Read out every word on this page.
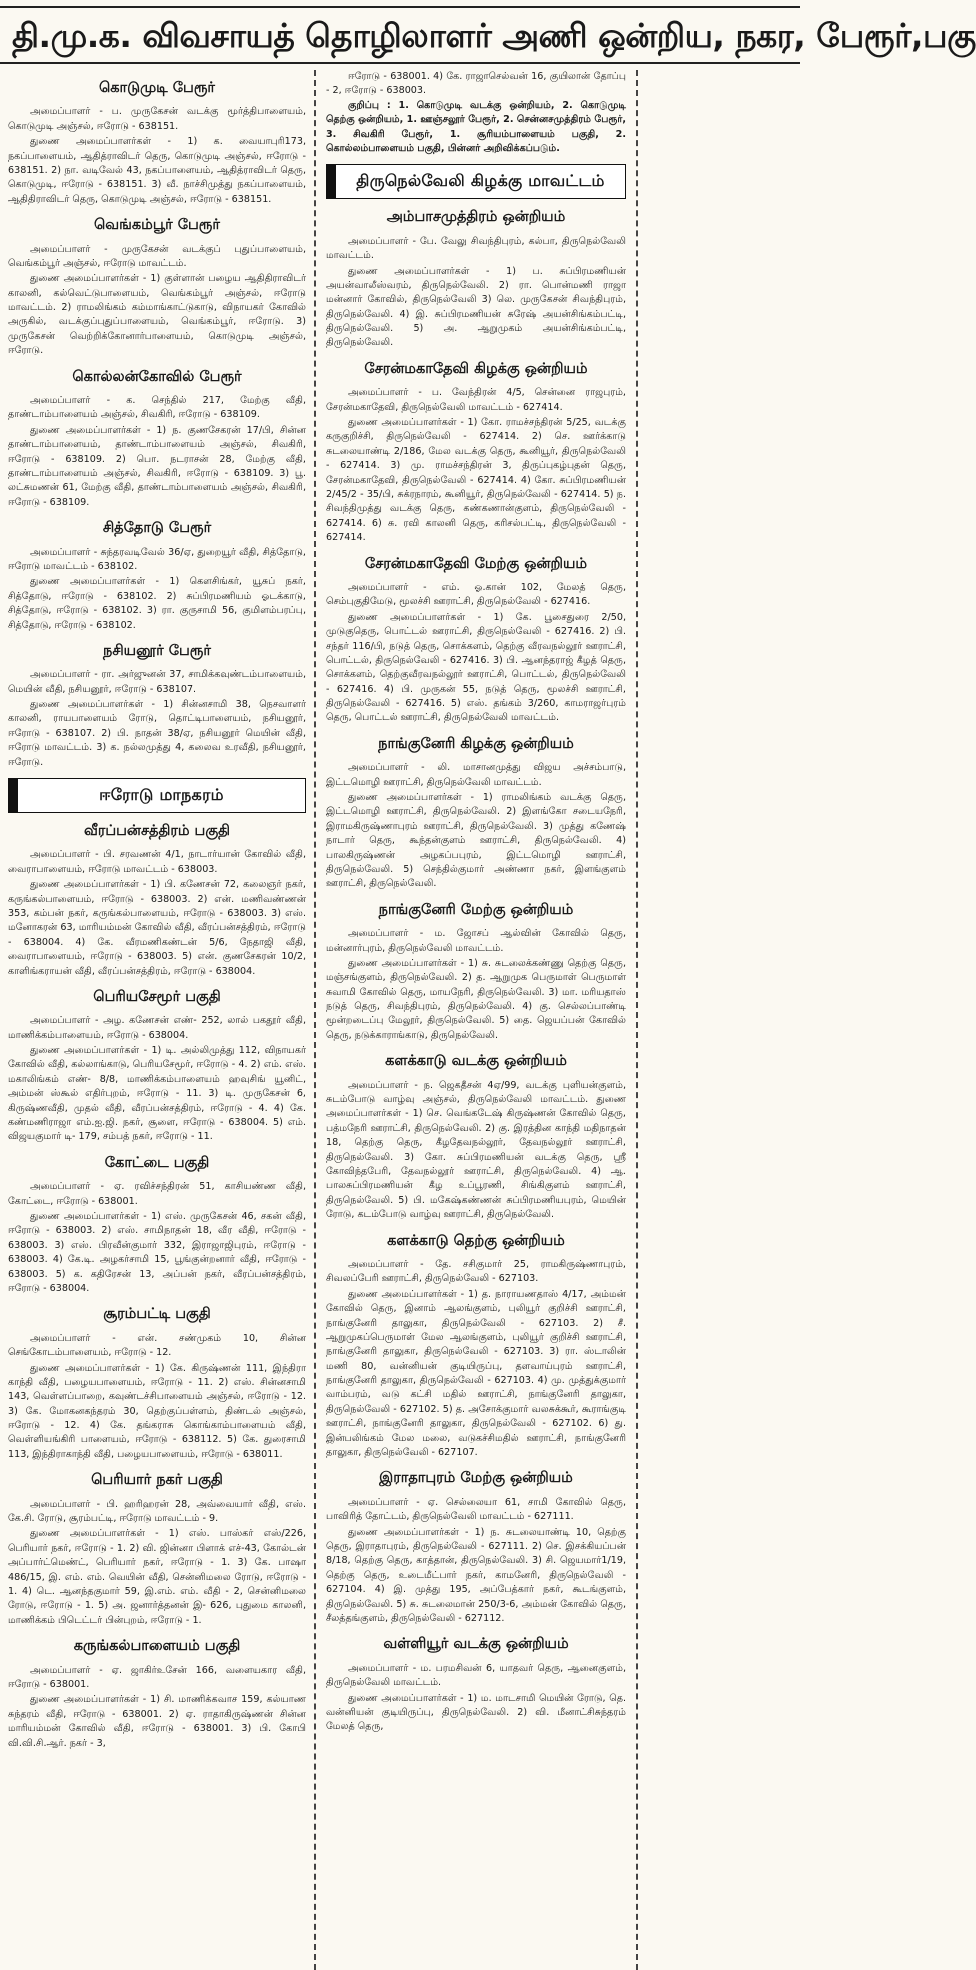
தி.மு.க. விவசாயத் தொழிலாளர் அணி ஒன்றிய, நகர, பேரூர்,பகு
கொடுமுடி பேரூர்
அமைப்பாளர் - ப. முருகேசன் வடக்கு மூர்த்திபாளையம், கொடுமுடி அஞ்சல், ஈரோடு - 638151.
துணை அமைப்பாளர்கள் - 1) க. வையாபுரி173, நகப்பாளையம், ஆதித்ராவிடர் தெரு, கொடுமுடி அஞ்சல், ஈரோடு - 638151. 2) நா. வடிவேல் 43, நகப்பாளையம், ஆதித்ராவிடர் தெரு, கொடுமுடி, ஈரோடு - 638151. 3) வீ. நாச்சிமுத்து நகப்பாளையம், ஆதிதிராவிடர் தெரு, கொடுமுடி அஞ்சல், ஈரோடு - 638151.
வெங்கம்பூர் பேரூர்
அமைப்பாளர் - முருகேசன் வடக்குப் புதுப்பாளையம், வெங்கம்பூர் அஞ்சல், ஈரோடு மாவட்டம்.
துணை அமைப்பாளர்கள் - 1) குள்ளான் பழைய ஆதிதிராவிடர் காலனி, கல்வெட்டுபாளையம், வெங்கம்பூர் அஞ்சல், ஈரோடு மாவட்டம். 2) ராமலிங்கம் கம்மாங்காட்டுகாடு, விநாயகர் கோவில் அருகில், வடக்குப்புதுப்பாளையம், வெங்கம்பூர், ஈரோடு. 3) முருகேசன் வெற்றிக்கோனார்பாளையம், கொடுமுடி அஞ்சல், ஈரோடு.
கொல்லன்கோவில் பேரூர்
அமைப்பாளர் - க. செந்தில் 217, மேற்கு வீதி, தாண்டாம்பாளையம் அஞ்சல், சிவகிரி, ஈரோடு - 638109.
துணை அமைப்பாளர்கள் - 1) ந. குணசேகரன் 17/பி, சின்ன தாண்டாம்பாளையம், தாண்டாம்பாளையம் அஞ்சல், சிவகிரி, ஈரோடு - 638109. 2) பொ. நடராசன் 28, மேற்கு வீதி, தாண்டாம்பாளையம் அஞ்சல், சிவகிரி, ஈரோடு - 638109. 3) பூ. லட்சுமணன் 61, மேற்கு வீதி, தாண்டாம்பாளையம் அஞ்சல், சிவகிரி, ஈரோடு - 638109.
சித்தோடு பேரூர்
அமைப்பாளர் - சுந்தரவடிவேல் 36/ஏ, துறையூர் வீதி, சித்தோடு, ஈரோடு மாவட்டம் - 638102.
துணை அமைப்பாளர்கள் - 1) கௌசிங்கர், யூசுப் நகர், சித்தோடு, ஈரோடு - 638102. 2) சுப்பிரமணியம் ஓடக்காடு, சித்தோடு, ஈரோடு - 638102. 3) ரா. குருசாமி 56, குமிளம்பரப்பு, சித்தோடு, ஈரோடு - 638102.
நசியனூர் பேரூர்
அமைப்பாளர் - ரா. அர்ஜுனன் 37, சாமிக்கவுண்டம்பாளையம், மெயின் வீதி, நசியனூர், ஈரோடு - 638107.
துணை அமைப்பாளர்கள் - 1) சின்னசாமி 38, நெசவாளர் காலனி, ராயபாளையம் ரோடு, தொட்டிபாளையம், நசியனூர், ஈரோடு - 638107. 2) பி. நாதன் 38/ஏ, நசியனூர் மெயின் வீதி, ஈரோடு மாவட்டம். 3) க. நல்லமுத்து 4, கலைவ உரவீதி, நசியனூர், ஈரோடு.
ஈரோடு மாநகரம்
வீரப்பன்சத்திரம் பகுதி
அமைப்பாளர் - பி. சரவணன் 4/1, நாடார்யான் கோவில் வீதி, வைராபாளையம், ஈரோடு மாவட்டம் - 638003.
துணை அமைப்பாளர்கள் - 1) பி. கணேசன் 72, கலைஞர் நகர், கருங்கல்பாளையம், ஈரோடு - 638003. 2) என். மணிவண்ணன் 353, கம்பன் நகர், கருங்கல்பாளையம், ஈரோடு - 638003. 3) எஸ். மனோகரன் 63, மாரியம்மன் கோவில் வீதி, வீரப்பன்சத்திரம், ஈரோடு - 638004. 4) கே. வீரமணிகண்டன் 5/6, நேதாஜி வீதி, வைராபாளையம், ஈரோடு - 638003. 5) என். குணசேகரன் 10/2, காளிங்கராயன் வீதி, வீரப்பன்சத்திரம், ஈரோடு - 638004.
பெரியசேமூர் பகுதி
அமைப்பாளர் - அழ. கணேசன் எண்- 252, லால் பகதூர் வீதி, மாணிக்கம்பாளையம், ஈரோடு - 638004.
துணை அமைப்பாளர்கள் - 1) டி. அல்லிமுத்து 112, விநாயகர் கோவில் வீதி, கல்லாங்காடு, பெரியசேமூர், ஈரோடு - 4. 2) எம். எஸ். மகாலிங்கம் எண்- 8/8, மாணிக்கம்பாளையம் ஹவுசிங் யூனிட், அம்மன் ஸ்கூல் எதிர்புறம், ஈரோடு - 11. 3) டி. முருகேசன் 6, கிருஷ்ணவீதி, முதல் வீதி, வீரப்பன்சத்திரம், ஈரோடு - 4. 4) கே. கண்மணிராஜா எம்.ஐ.ஜி. நகர், சூளை, ஈரோடு - 638004. 5) எம். விஜயகுமார் டி- 179, சம்பத் நகர், ஈரோடு - 11.
கோட்டை பகுதி
அமைப்பாளர் - ஏ. ரவிச்சந்திரன் 51, காசியண்ண வீதி, கோட்டை, ஈரோடு - 638001.
துணை அமைப்பாளர்கள் - 1) எஸ். முருகேசன் 46, சகன் வீதி, ஈரோடு - 638003. 2) எஸ். சாமிநாதன் 18, வீர வீதி, ஈரோடு - 638003. 3) எஸ். பிரவீன்குமார் 332, இராஜாஜிபுரம், ஈரோடு - 638003. 4) கே.டி. அழகர்சாமி 15, பூங்குன்றனார் வீதி, ஈரோடு - 638003. 5) க. கதிரேசன் 13, அப்பன் நகர், வீரப்பன்சத்திரம், ஈரோடு - 638004.
சூரம்பட்டி பகுதி
அமைப்பாளர் - என். சண்முகம் 10, சின்ன செங்கோடம்பாளையம், ஈரோடு - 12.
துணை அமைப்பாளர்கள் - 1) கே. கிருஷ்ணன் 111, இந்திரா காந்தி வீதி, பழையபாளையம், ஈரோடு - 11. 2) எஸ். சின்னசாமி 143, வெள்ளப்பாறை, கவுண்டச்சிபாளையம் அஞ்சல், ஈரோடு - 12. 3) கே. மோகனகந்தரம் 30, தெற்குப்பள்ளம், திண்டல் அஞ்சல், ஈரோடு - 12. 4) கே. தங்கராசு கொங்காம்பாளையம் வீதி, வெள்ளியங்கிரி பாளையம், ஈரோடு - 638112. 5) கே. துரைசாமி 113, இந்திராகாந்தி வீதி, பழையபாளையம், ஈரோடு - 638011.
பெரியார் நகர் பகுதி
அமைப்பாளர் - பி. ஹரிஹரன் 28, அவ்வையார் வீதி, எஸ். கே.சி. ரோடு, சூரம்பட்டி, ஈரோடு மாவட்டம் - 9.
துணை அமைப்பாளர்கள் - 1) எஸ். பாஸ்கர் எஸ்/226, பெரியார் நகர், ஈரோடு - 1. 2) வி. ஜின்னா பிளாக் எச்-43, கோல்டன் அப்பார்ட்மெண்ட், பெரியார் நகர், ஈரோடு - 1. 3) கே. பாஷா 486/15, இ. எம். எம். வெயின் வீதி, சென்னிமலை ரோடு, ஈரோடு - 1. 4) டெ. ஆனந்தகுமார் 59, இ.எம். எம். வீதி - 2, சென்னிமலை ரோடு, ஈரோடு - 1. 5) அ. ஜனார்த்தனன் இ- 626, புதுமை காலனி, மாணிக்கம் பிடெட்டர் பின்புறம், ஈரோடு - 1.
கருங்கல்பாளையம் பகுதி
அமைப்பாளர் - ஏ. ஜாகிர்உசேன் 166, வளையகார வீதி, ஈரோடு - 638001.
துணை அமைப்பாளர்கள் - 1) சி. மாணிக்கவாச 159, கல்யாண சுந்தரம் வீதி, ஈரோடு - 638001. 2) ஏ. ராதாகிருஷ்ணன் சின்ன மாரியம்மன் கோவில் வீதி, ஈரோடு - 638001. 3) பி. கோபி வி.வி.சி.ஆர். நகர் - 3,
ஈரோடு - 638001. 4) கே. ராஜாசெல்வன் 16, குயிலான் தோப்பு - 2, ஈரோடு - 638003.
குறிப்பு : 1. கொடுமுடி வடக்கு ஒன்றியம், 2. கொடுமுடி தெற்கு ஒன்றியம், 1. ஊஞ்சலூர் பேரூர், 2. சென்னசமுத்திரம் பேரூர், 3. சிவகிரி பேரூர், 1. சூரியம்பாளையம் பகுதி, 2. கொல்லம்பாளையம் பகுதி, பின்னர் அறிவிக்கப்படும்.
திருநெல்வேலி கிழக்கு மாவட்டம்
அம்பாசமுத்திரம் ஒன்றியம்
அமைப்பாளர் - பே. வேலு சிவந்திபுரம், கல்பா, திருநெல்வேலி மாவட்டம்.
துணை அமைப்பாளர்கள் - 1) ப. சுப்பிரமணியன் அயன்வாலீஸ்வரம், திருநெல்வேலி. 2) ரா. பொன்மணி ராஜா மன்னார் கோவில், திருநெல்வேலி 3) லெ. முருகேசன் சிவந்திபுரம், திருநெல்வேலி. 4) இ. சுப்பிரமணியன் சுரேஷ் அயன்சிங்கம்பட்டி, திருநெல்வேலி. 5) அ. ஆறுமுகம் அயன்சிங்கம்பட்டி, திருநெல்வேலி.
சேரன்மகாதேவி கிழக்கு ஒன்றியம்
அமைப்பாளர் - ப. வேந்திரன் 4/5, சென்னை ராஜபுரம், சேரன்மகாதேவி, திருநெல்வேலி மாவட்டம் - 627414.
துணை அமைப்பாளர்கள் - 1) கோ. ராமச்சந்திரன் 5/25, வடக்கு கருகுறிச்சி, திருநெல்வேலி - 627414. 2) செ. ஊர்க்காடு சுடலையாண்டி 2/186, மேல வடக்கு தெரு, கூனியூர், திருநெல்வேலி - 627414. 3) மு. ராமச்சந்திரன் 3, திருப்புகழ்புதன் தெரு, சேரன்மகாதேவி, திருநெல்வேலி - 627414. 4) கோ. சுப்பிரமணியன் 2/45/2 - 35/பி, சுக்ரநாரம், கூனியூர், திருநெல்வேலி - 627414. 5) ந. சிவந்திமுத்து வடக்கு தெரு, கண்கணான்குளம், திருநெல்வேலி - 627414. 6) சு. ரவி காலனி தெரு, கரிசல்பட்டி, திருநெல்வேலி - 627414.
சேரன்மகாதேவி மேற்கு ஒன்றியம்
அமைப்பாளர் - எம். ஓ.கான் 102, மேலத் தெரு, செம்புகுதிமேடு, மூலச்சி ஊராட்சி, திருநெல்வேலி - 627416.
துணை அமைப்பாளர்கள் - 1) கே. பூசைதுரை 2/50, முடுகுதெரு, பொட்டல் ஊராட்சி, திருநெல்வேலி - 627416. 2) பி. சந்தர் 116/பி, நடுத் தெரு, சொக்களம், தெற்கு வீரவநல்லூர் ஊராட்சி, பொட்டல், திருநெல்வேலி - 627416. 3) பி. ஆனந்தராஜ் கீழத் தெரு, சொக்களம், தெற்குவீரவநல்லூர் ஊராட்சி, பொட்டல், திருநெல்வேலி - 627416. 4) பி. முருகன் 55, நடுத் தெரு, மூலச்சி ஊராட்சி, திருநெல்வேலி - 627416. 5) எஸ். தங்கம் 3/260, காமராஜர்புரம் தெரு, பொட்டல் ஊராட்சி, திருநெல்வேலி மாவட்டம்.
நாங்குனேரி கிழக்கு ஒன்றியம்
அமைப்பாளர் - லி. மாசானமுத்து விஜய அச்சம்பாடு, இட்டமொழி ஊராட்சி, திருநெல்வேலி மாவட்டம்.
துணை அமைப்பாளர்கள் - 1) ராமலிங்கம் வடக்கு தெரு, இட்டமொழி ஊராட்சி, திருநெல்வேலி. 2) இளங்கோ சடையநேரி, இராமகிருஷ்ணாபுரம் ஊராட்சி, திருநெல்வேலி. 3) முத்து கணேஷ் நாடார் தெரு, கூந்தன்குளம் ஊராட்சி, திருநெல்வேலி. 4) பாலகிருஷ்ணன் அழகப்பபுரம், இட்டமொழி ஊராட்சி, திருநெல்வேலி. 5) செந்தில்குமார் அண்ணா நகர், இளங்குளம் ஊராட்சி, திருநெல்வேலி.
நாங்குனேரி மேற்கு ஒன்றியம்
அமைப்பாளர் - ம. ஜோசப் ஆல்வின் கோவில் தெரு, மன்னார்புரம், திருநெல்வேலி மாவட்டம்.
துணை அமைப்பாளர்கள் - 1) சு. சுடலைக்கண்ணு தெற்கு தெரு, மஞ்சங்குளம், திருநெல்வேலி. 2) த. ஆறுமுக பெருமாள் பெருமாள் சுவாமி கோவில் தெரு, மாயநேரி, திருநெல்வேலி. 3) மா. மரியதாஸ் நடுத் தெரு, சிவந்திபுரம், திருநெல்வேலி. 4) கு. செல்லப்பாண்டி மூன்றடைப்பு மேலூர், திருநெல்வேலி. 5) தை. ஜெயப்பன் கோவில் தெரு, நடுக்காராங்காடு, திருநெல்வேலி.
களக்காடு வடக்கு ஒன்றியம்
அமைப்பாளர் - ந. ஜெகதீசன் 4ஏ/99, வடக்கு புளியன்குளம், சுடம்போடு வாழ்வு அஞ்சல், திருநெல்வேலி மாவட்டம். துணை அமைப்பாளர்கள் - 1) செ. வெங்கடேஷ் கிருஷ்ணன் கோவில் தெரு, பத்மநேரி ஊராட்சி, திருநெல்வேலி. 2) கு. இரத்தின காந்தி மதிநாதன் 18, தெற்கு தெரு, கீழதேவநல்லூர், தேவநல்லூர் ஊராட்சி, திருநெல்வேலி. 3) கோ. சுப்பிரமணியன் வடக்கு தெரு, ஸ்ரீ கோவிந்தபேரி, தேவநல்லூர் ஊராட்சி, திருநெல்வேலி. 4) ஆ. பாலசுப்பிரமணியன் கீழ உப்பூரணி, சிங்கிகுளம் ஊராட்சி, திருநெல்வேலி. 5) பி. மகேஷ்கண்ணன் சுப்பிரமணியபுரம், மெயின் ரோடு, கடம்போடு வாழ்வு ஊராட்சி, திருநெல்வேலி.
களக்காடு தெற்கு ஒன்றியம்
அமைப்பாளர் - தே. சசிகுமார் 25, ராமகிருஷ்ணாபுரம், சிவலப்பேரி ஊராட்சி, திருநெல்வேலி - 627103.
துணை அமைப்பாளர்கள் - 1) த. நாராயணதாஸ் 4/17, அம்மன் கோவில் தெரு, இனாம் ஆலங்குளம், புலியூர் குறிச்சி ஊராட்சி, நாங்குனேரி தாலுகா, திருநெல்வேலி - 627103. 2) சீ. ஆறுமுகப்பெருமாள் மேல ஆலங்குளம், புலியூர் குறிச்சி ஊராட்சி, நாங்குனேரி தாலுகா, திருநெல்வேலி - 627103. 3) ரா. ஸ்டாலின் மணி 80, வன்னியன் குடியிருப்பு, தளவாய்புரம் ஊராட்சி, நாங்குனேரி தாலுகா, திருநெல்வேலி - 627103. 4) மு. முத்துக்குமார் வாம்பரம், வடு கட்சி மதில் ஊராட்சி, நாங்குனேரி தாலுகா, திருநெல்வேலி - 627102. 5) த. அசோக்குமார் வலசுக்கூர், கூராங்குடி ஊராட்சி, நாங்குனேரி தாலுகா, திருநெல்வேலி - 627102. 6) து. இன்பலிங்கம் மேல மலை, வடுகச்சிமதில் ஊராட்சி, நாங்குனேரி தாலுகா, திருநெல்வேலி - 627107.
இராதாபுரம் மேற்கு ஒன்றியம்
அமைப்பாளர் - ஏ. செல்லையா 61, சாமி கோவில் தெரு, பாவிரித் தோட்டம், திருநெல்வேலி மாவட்டம் - 627111.
துணை அமைப்பாளர்கள் - 1) ந. சுடலையாண்டி 10, தெற்கு தெரு, இராதாபுரம், திருநெல்வேலி - 627111. 2) செ. இசக்கியப்பன் 8/18, தெற்கு தெரு, காத்தான், திருநெல்வேலி. 3) சி. ஜெயமார்1/19, தெற்கு தெரு, உடைமீட்பார் நகர், காமனேரி, திருநெல்வேலி - 627104. 4) இ. முத்து 195, அப்பேத்கார் நகர், கூடங்குளம், திருநெல்வேலி. 5) சு. சுடலைமான் 250/3-6, அம்மன் கோவில் தெரு, சீலத்தங்குளம், திருநெல்வேலி - 627112.
வள்ளியூர் வடக்கு ஒன்றியம்
அமைப்பாளர் - ம. பரமசிவன் 6, யாதவர் தெரு, ஆனைகுளம், திருநெல்வேலி மாவட்டம்.
துணை அமைப்பாளர்கள் - 1) ம. மாடசாமி மெயின் ரோடு, தெ. வன்னியன் குடியிருப்பு, திருநெல்வேலி. 2) வி. மீனாட்சிசுந்தரம் மேலத் தெரு,
